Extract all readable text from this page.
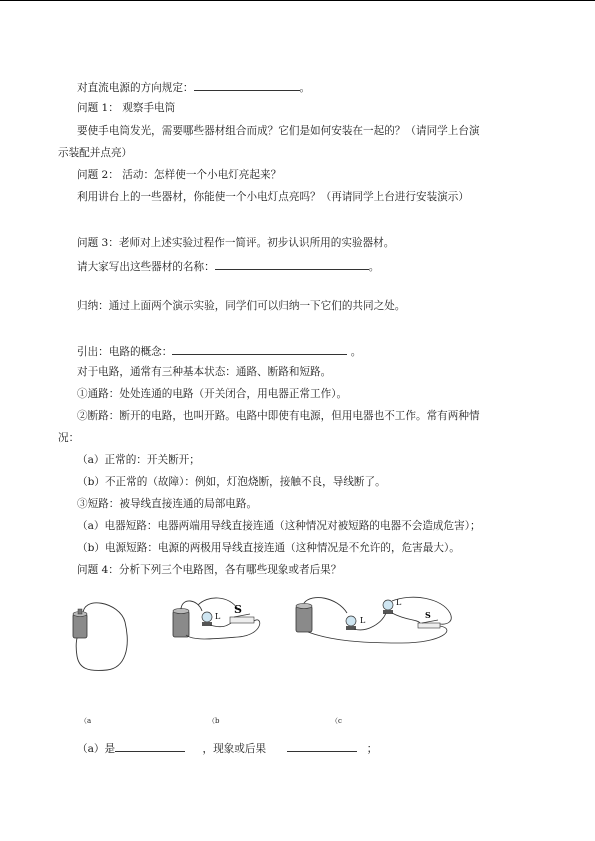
对直流电源的方向规定：	。
问题 1： 观察手电筒
要使手电筒发光，需要哪些器材组合而成？它们是如何安装在一起的？（请同学上台演
示装配并点亮）
问题 2： 活动：怎样使一个小电灯亮起来？
利用讲台上的一些器材，你能使一个小电灯点亮吗？（再请同学上台进行安装演示）
问题 3：老师对上述实验过程作一简评。初步认识所用的实验器材。
请大家写出这些器材的名称：	。
归纳：通过上面两个演示实验，同学们可以归纳一下它们的共同之处。
引出：电路的概念：	。
对于电路，通常有三种基本状态：通路、断路和短路。
①通路：处处连通的电路（开关闭合，用电器正常工作）。
②断路：断开的电路，也叫开路。电路中即使有电源，但用电器也不工作。常有两种情
况：
（a）正常的：开关断开；
（b）不正常的（故障）：例如，灯泡烧断，接触不良，导线断了。
③短路：被导线直接连通的局部电路。
（a）电器短路：电器两端用导线直接连通（这种情况对被短路的电器不会造成危害）；
（b）电源短路：电源的两极用导线直接连通（这种情况是不允许的，危害最大）。
问题 4：分析下列三个电路图，各有哪些现象或者后果？
L
S
L
L
S
（a	（b	（c
（a）是	，现象或后果	；
